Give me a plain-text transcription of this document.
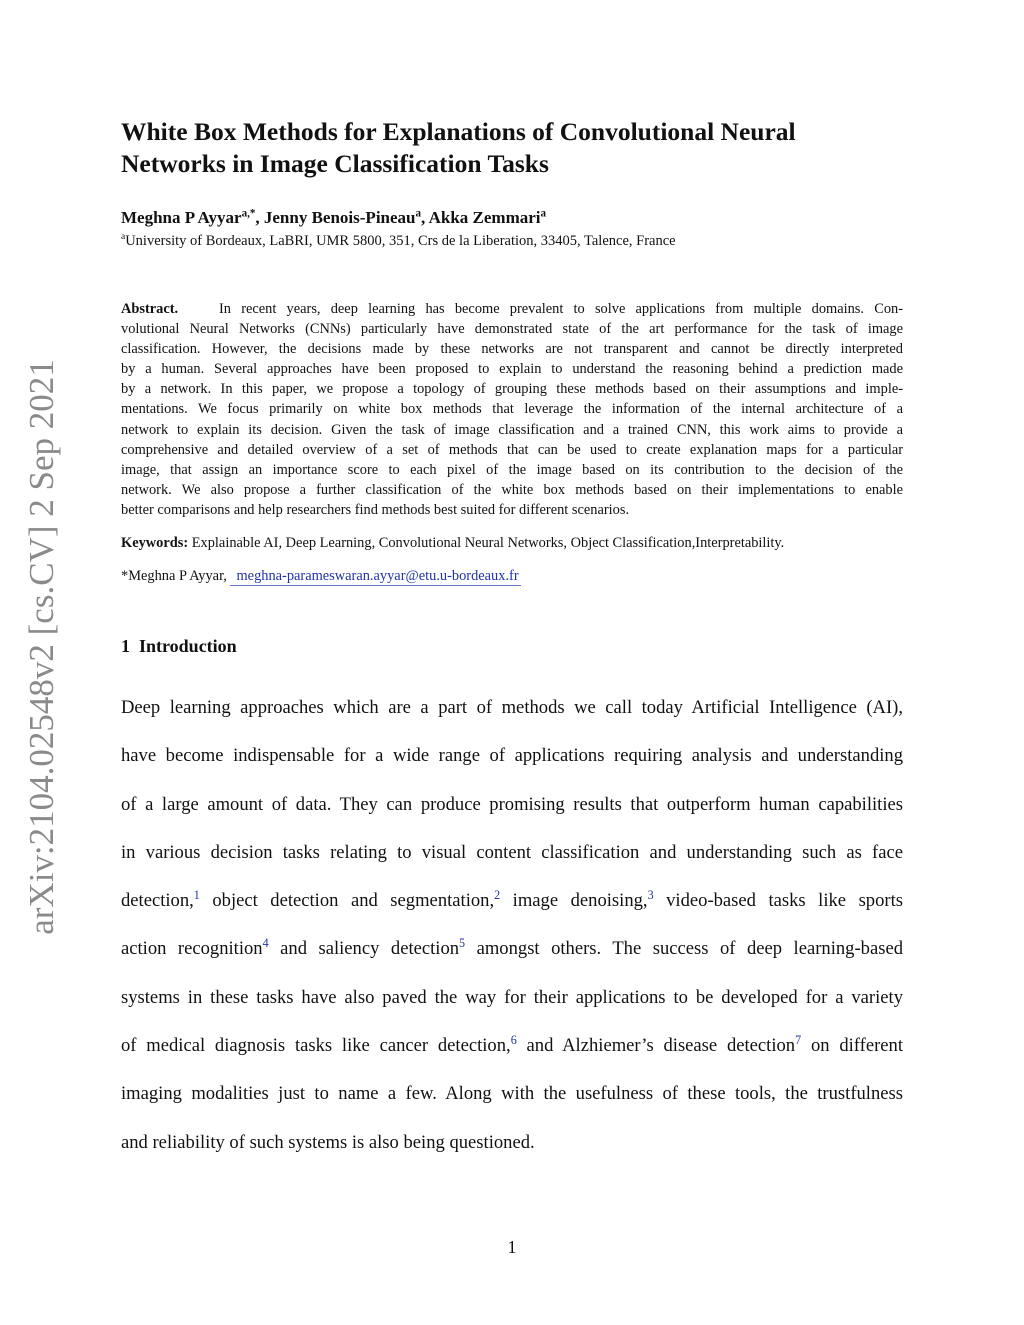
arXiv:2104.02548v2 [cs.CV] 2 Sep 2021
White Box Methods for Explanations of Convolutional Neural
Networks in Image Classification Tasks
Meghna P Ayyar$^{a,*}$, Jenny Benois-Pineau$^a$, Akka Zemmari$^a$
$^a$University of Bordeaux, LaBRI, UMR 5800, 351, Crs de la Liberation, 33405, Talence, France
Abstract.	In recent years, deep learning has become prevalent to solve applications from multiple domains. Con-
volutional Neural Networks (CNNs) particularly have demonstrated state of the art performance for the task of image
classification. However, the decisions made by these networks are not transparent and cannot be directly interpreted
by a human. Several approaches have been proposed to explain to understand the reasoning behind a prediction made
by a network. In this paper, we propose a topology of grouping these methods based on their assumptions and imple-
mentations. We focus primarily on white box methods that leverage the information of the internal architecture of a
network to explain its decision. Given the task of image classification and a trained CNN, this work aims to provide a
comprehensive and detailed overview of a set of methods that can be used to create explanation maps for a particular
image, that assign an importance score to each pixel of the image based on its contribution to the decision of the
network. We also propose a further classification of the white box methods based on their implementations to enable
better comparisons and help researchers find methods best suited for different scenarios.
Keywords: Explainable AI, Deep Learning, Convolutional Neural Networks, Object Classification,Interpretability.
*Meghna P Ayyar, meghna-parameswaran.ayyar@etu.u-bordeaux.fr
1 Introduction
Deep learning approaches which are a part of methods we call today Artificial Intelligence (AI),
have become indispensable for a wide range of applications requiring analysis and understanding
of a large amount of data. They can produce promising results that outperform human capabilities
in various decision tasks relating to visual content classification and understanding such as face
detection,$^1$ object detection and segmentation,$^2$ image denoising,$^3$ video-based tasks like sports
action recognition$^4$ and saliency detection$^5$ amongst others. The success of deep learning-based
systems in these tasks have also paved the way for their applications to be developed for a variety
of medical diagnosis tasks like cancer detection,$^6$ and Alzhiemer’s disease detection$^7$ on different
imaging modalities just to name a few. Along with the usefulness of these tools, the trustfulness
and reliability of such systems is also being questioned.
1
